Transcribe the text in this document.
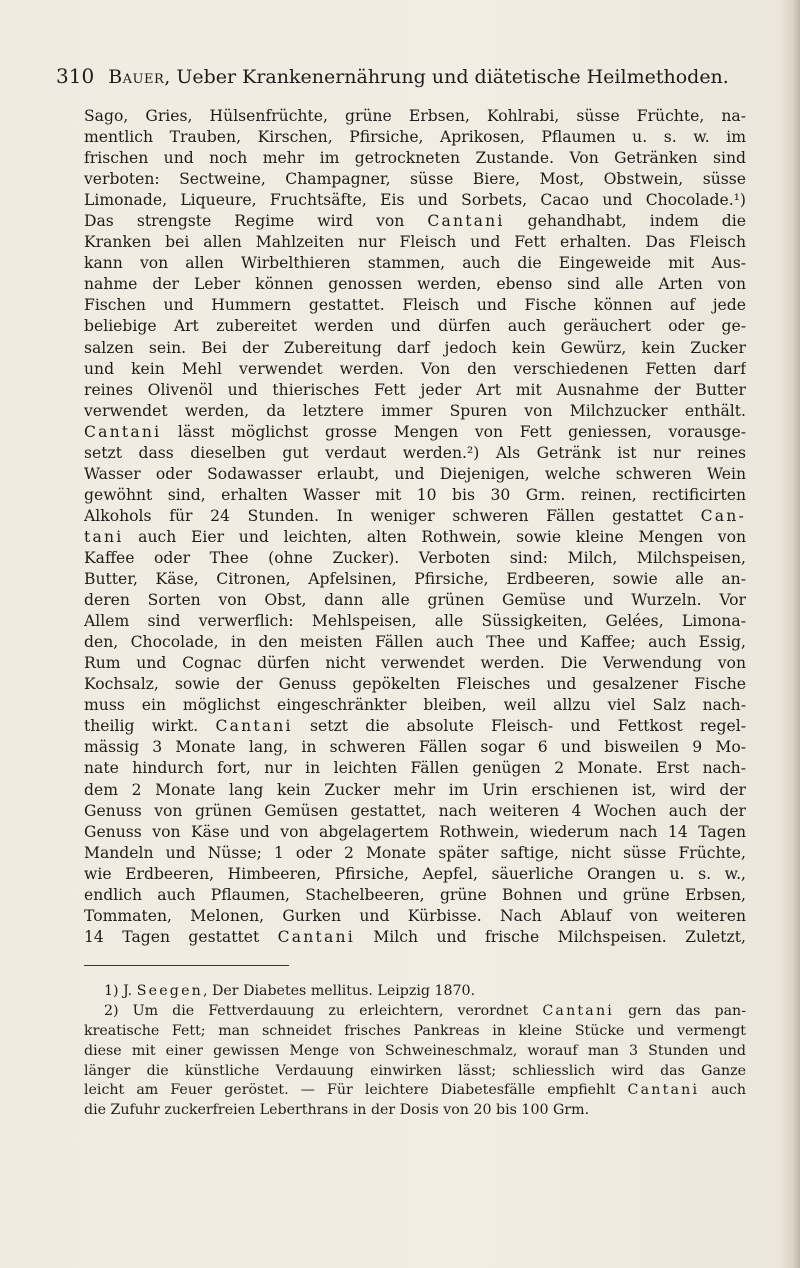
310 Bauer, Ueber Krankenernährung und diätetische Heilmethoden.
Sago, Gries, Hülsenfrüchte, grüne Erbsen, Kohlrabi, süsse Früchte, na-
mentlich Trauben, Kirschen, Pfirsiche, Aprikosen, Pflaumen u. s. w. im
frischen und noch mehr im getrockneten Zustande. Von Getränken sind
verboten: Sectweine, Champagner, süsse Biere, Most, Obstwein, süsse
Limonade, Liqueure, Fruchtsäfte, Eis und Sorbets, Cacao und Chocolade.¹)
Das strengste Regime wird von Cantani gehandhabt, indem die
Kranken bei allen Mahlzeiten nur Fleisch und Fett erhalten. Das Fleisch
kann von allen Wirbelthieren stammen, auch die Eingeweide mit Aus-
nahme der Leber können genossen werden, ebenso sind alle Arten von
Fischen und Hummern gestattet. Fleisch und Fische können auf jede
beliebige Art zubereitet werden und dürfen auch geräuchert oder ge-
salzen sein. Bei der Zubereitung darf jedoch kein Gewürz, kein Zucker
und kein Mehl verwendet werden. Von den verschiedenen Fetten darf
reines Olivenöl und thierisches Fett jeder Art mit Ausnahme der Butter
verwendet werden, da letztere immer Spuren von Milchzucker enthält.
Cantani lässt möglichst grosse Mengen von Fett geniessen, vorausge-
setzt dass dieselben gut verdaut werden.²) Als Getränk ist nur reines
Wasser oder Sodawasser erlaubt, und Diejenigen, welche schweren Wein
gewöhnt sind, erhalten Wasser mit 10 bis 30 Grm. reinen, rectificirten
Alkohols für 24 Stunden. In weniger schweren Fällen gestattet Can-
tani auch Eier und leichten, alten Rothwein, sowie kleine Mengen von
Kaffee oder Thee (ohne Zucker). Verboten sind: Milch, Milchspeisen,
Butter, Käse, Citronen, Apfelsinen, Pfirsiche, Erdbeeren, sowie alle an-
deren Sorten von Obst, dann alle grünen Gemüse und Wurzeln. Vor
Allem sind verwerflich: Mehlspeisen, alle Süssigkeiten, Gelées, Limona-
den, Chocolade, in den meisten Fällen auch Thee und Kaffee; auch Essig,
Rum und Cognac dürfen nicht verwendet werden. Die Verwendung von
Kochsalz, sowie der Genuss gepökelten Fleisches und gesalzener Fische
muss ein möglichst eingeschränkter bleiben, weil allzu viel Salz nach-
theilig wirkt. Cantani setzt die absolute Fleisch- und Fettkost regel-
mässig 3 Monate lang, in schweren Fällen sogar 6 und bisweilen 9 Mo-
nate hindurch fort, nur in leichten Fällen genügen 2 Monate. Erst nach-
dem 2 Monate lang kein Zucker mehr im Urin erschienen ist, wird der
Genuss von grünen Gemüsen gestattet, nach weiteren 4 Wochen auch der
Genuss von Käse und von abgelagertem Rothwein, wiederum nach 14 Tagen
Mandeln und Nüsse; 1 oder 2 Monate später saftige, nicht süsse Früchte,
wie Erdbeeren, Himbeeren, Pfirsiche, Aepfel, säuerliche Orangen u. s. w.,
endlich auch Pflaumen, Stachelbeeren, grüne Bohnen und grüne Erbsen,
Tommaten, Melonen, Gurken und Kürbisse. Nach Ablauf von weiteren
14 Tagen gestattet Cantani Milch und frische Milchspeisen. Zuletzt,
1) J. Seegen, Der Diabetes mellitus. Leipzig 1870.
2) Um die Fettverdauung zu erleichtern, verordnet Cantani gern das pan-
kreatische Fett; man schneidet frisches Pankreas in kleine Stücke und vermengt
diese mit einer gewissen Menge von Schweineschmalz, worauf man 3 Stunden und
länger die künstliche Verdauung einwirken lässt; schliesslich wird das Ganze
leicht am Feuer geröstet. — Für leichtere Diabetesfälle empfiehlt Cantani auch
die Zufuhr zuckerfreien Leberthrans in der Dosis von 20 bis 100 Grm.
